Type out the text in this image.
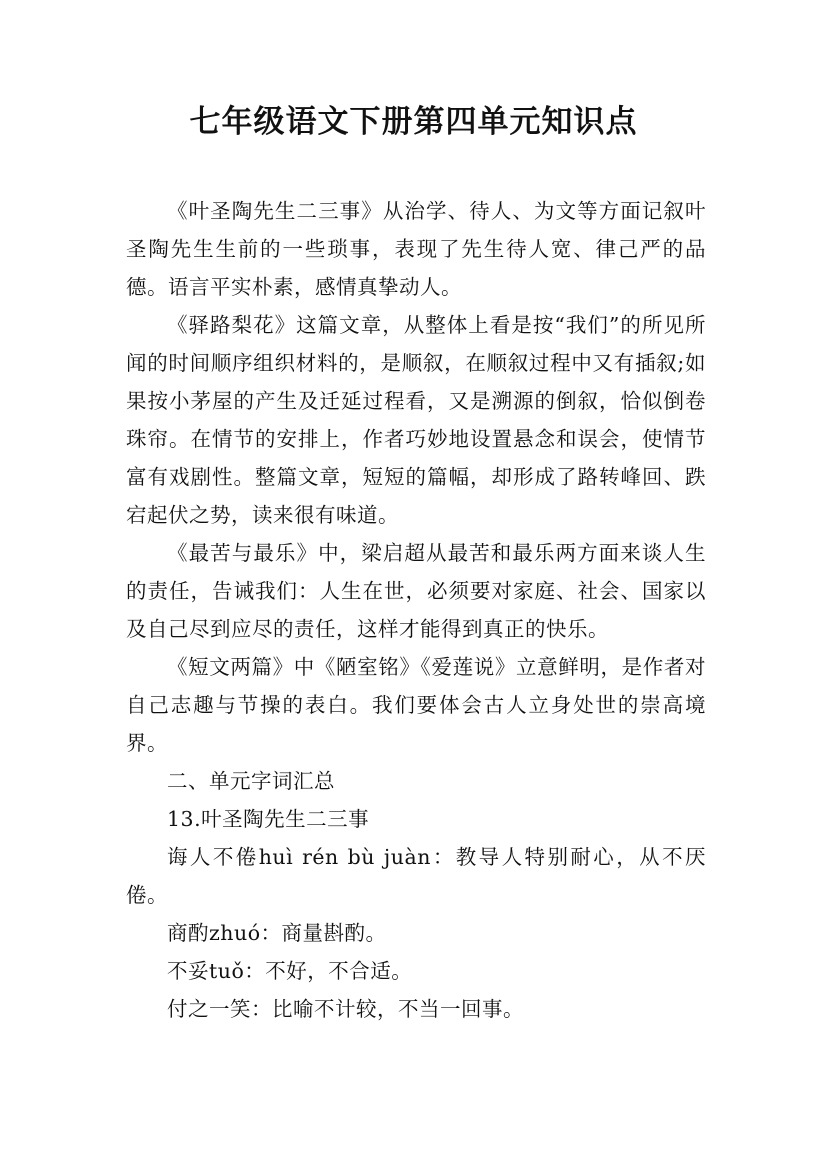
七年级语文下册第四单元知识点

《叶圣陶先生二三事》从治学、待人、为文等方面记叙叶圣陶先生生前的一些琐事，表现了先生待人宽、律己严的品德。语言平实朴素，感情真挚动人。

《驿路梨花》这篇文章，从整体上看是按“我们”的所见所闻的时间顺序组织材料的，是顺叙，在顺叙过程中又有插叙;如果按小茅屋的产生及迁延过程看，又是溯源的倒叙，恰似倒卷珠帘。在情节的安排上，作者巧妙地设置悬念和误会，使情节富有戏剧性。整篇文章，短短的篇幅，却形成了路转峰回、跌宕起伏之势，读来很有味道。

《最苦与最乐》中，梁启超从最苦和最乐两方面来谈人生的责任，告诫我们：人生在世，必须要对家庭、社会、国家以及自己尽到应尽的责任，这样才能得到真正的快乐。

《短文两篇》中《陋室铭》《爱莲说》立意鲜明，是作者对自己志趣与节操的表白。我们要体会古人立身处世的崇高境界。

二、单元字词汇总

13.叶圣陶先生二三事

诲人不倦huì rén bù juàn：教导人特别耐心，从不厌倦。

商酌zhuó：商量斟酌。

不妥tuǒ：不好，不合适。

付之一笑：比喻不计较，不当一回事。
